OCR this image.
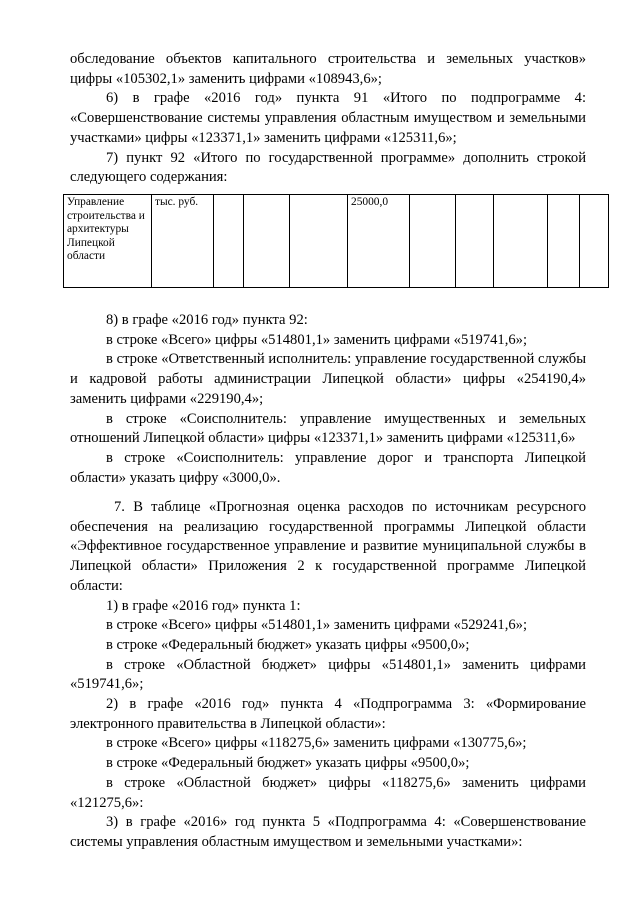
обследование объектов капитального строительства и земельных участков» цифры «105302,1» заменить цифрами «108943,6»;

6) в графе «2016 год» пункта 91 «Итого по подпрограмме 4: «Совершенствование системы управления областным имуществом и земельными участками» цифры «123371,1» заменить цифрами «125311,6»;

7) пункт 92 «Итого по государственной программе» дополнить строкой следующего содержания:

Управление строительства и архитектуры Липецкой области	тыс. руб.				25000,0					

8) в графе «2016 год» пункта 92:

в строке «Всего» цифры «514801,1» заменить цифрами «519741,6»;

в строке «Ответственный исполнитель: управление государственной службы и кадровой работы администрации Липецкой области» цифры «254190,4» заменить цифрами «229190,4»;

в строке «Соисполнитель: управление имущественных и земельных отношений Липецкой области» цифры «123371,1» заменить цифрами «125311,6»

в строке «Соисполнитель: управление дорог и транспорта Липецкой области» указать цифру «3000,0».

7. В таблице «Прогнозная оценка расходов по источникам ресурсного обеспечения на реализацию государственной программы Липецкой области «Эффективное государственное управление и развитие муниципальной службы в Липецкой области» Приложения 2 к государственной программе Липецкой области:

1) в графе «2016 год» пункта 1:

в строке «Всего» цифры «514801,1» заменить цифрами «529241,6»;

в строке «Федеральный бюджет» указать цифры «9500,0»;

в строке «Областной бюджет» цифры «514801,1» заменить цифрами «519741,6»;

2) в графе «2016 год» пункта 4 «Подпрограмма 3: «Формирование электронного правительства в Липецкой области»:

в строке «Всего» цифры «118275,6» заменить цифрами «130775,6»;

в строке «Федеральный бюджет» указать цифры «9500,0»;

в строке «Областной бюджет» цифры «118275,6» заменить цифрами «121275,6»:

3) в графе «2016» год пункта 5 «Подпрограмма 4: «Совершенствование системы управления областным имуществом и земельными участками»:
